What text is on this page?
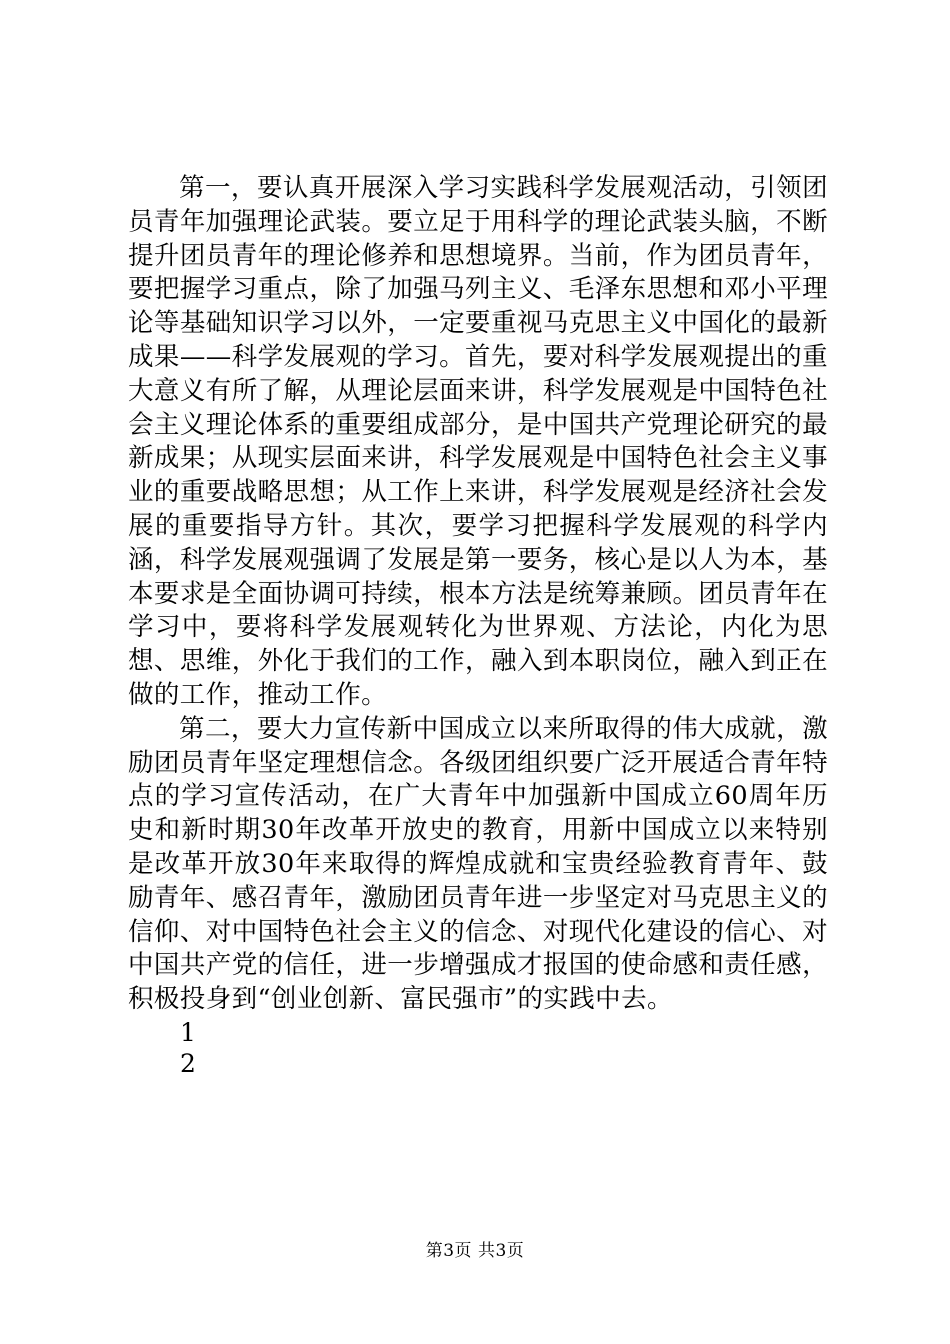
第一，要认真开展深入学习实践科学发展观活动，引领团员青年加强理论武装。要立足于用科学的理论武装头脑，不断提升团员青年的理论修养和思想境界。当前，作为团员青年，要把握学习重点，除了加强马列主义、毛泽东思想和邓小平理论等基础知识学习以外，一定要重视马克思主义中国化的最新成果——科学发展观的学习。首先，要对科学发展观提出的重大意义有所了解，从理论层面来讲，科学发展观是中国特色社会主义理论体系的重要组成部分，是中国共产党理论研究的最新成果；从现实层面来讲，科学发展观是中国特色社会主义事业的重要战略思想；从工作上来讲，科学发展观是经济社会发展的重要指导方针。其次，要学习把握科学发展观的科学内涵，科学发展观强调了发展是第一要务，核心是以人为本，基本要求是全面协调可持续，根本方法是统筹兼顾。团员青年在学习中，要将科学发展观转化为世界观、方法论，内化为思想、思维，外化于我们的工作，融入到本职岗位，融入到正在做的工作，推动工作。

第二，要大力宣传新中国成立以来所取得的伟大成就，激励团员青年坚定理想信念。各级团组织要广泛开展适合青年特点的学习宣传活动，在广大青年中加强新中国成立60周年历史和新时期30年改革开放史的教育，用新中国成立以来特别是改革开放30年来取得的辉煌成就和宝贵经验教育青年、鼓励青年、感召青年，激励团员青年进一步坚定对马克思主义的信仰、对中国特色社会主义的信念、对现代化建设的信心、对中国共产党的信任，进一步增强成才报国的使命感和责任感，积极投身到“创业创新、富民强市”的实践中去。

1

2

第3页 共3页
